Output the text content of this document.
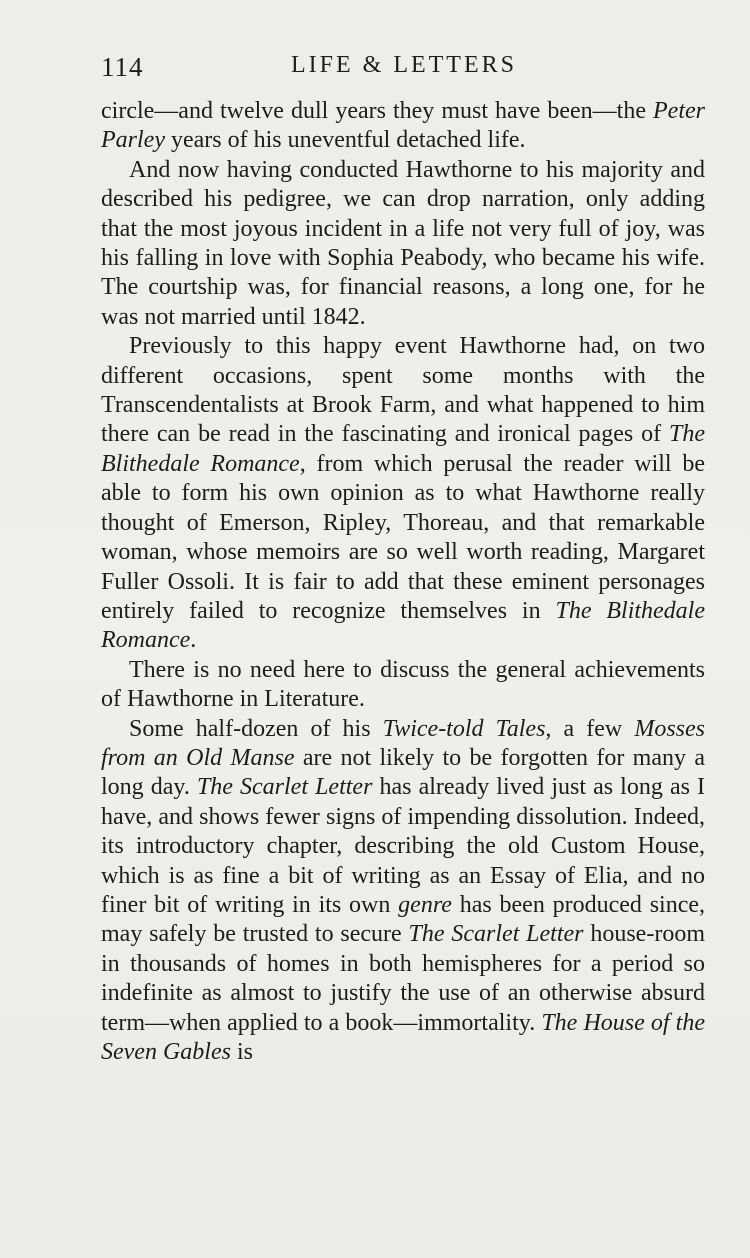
114	LIFE & LETTERS

circle—and twelve dull years they must have been—the Peter Parley years of his uneventful detached life.

And now having conducted Hawthorne to his majority and described his pedigree, we can drop narration, only adding that the most joyous incident in a life not very full of joy, was his falling in love with Sophia Peabody, who became his wife. The courtship was, for financial reasons, a long one, for he was not married until 1842.

Previously to this happy event Hawthorne had, on two different occasions, spent some months with the Transcendentalists at Brook Farm, and what happened to him there can be read in the fascinating and ironical pages of The Blithedale Romance, from which perusal the reader will be able to form his own opinion as to what Hawthorne really thought of Emerson, Ripley, Thoreau, and that remarkable woman, whose memoirs are so well worth reading, Margaret Fuller Ossoli. It is fair to add that these eminent personages entirely failed to recognize themselves in The Blithedale Romance.

There is no need here to discuss the general achievements of Hawthorne in Literature.

Some half-dozen of his Twice-told Tales, a few Mosses from an Old Manse are not likely to be forgotten for many a long day. The Scarlet Letter has already lived just as long as I have, and shows fewer signs of impending dissolution. Indeed, its introductory chapter, describing the old Custom House, which is as fine a bit of writing as an Essay of Elia, and no finer bit of writing in its own genre has been produced since, may safely be trusted to secure The Scarlet Letter house-room in thousands of homes in both hemispheres for a period so indefinite as almost to justify the use of an otherwise absurd term—when applied to a book—immortality. The House of the Seven Gables is
